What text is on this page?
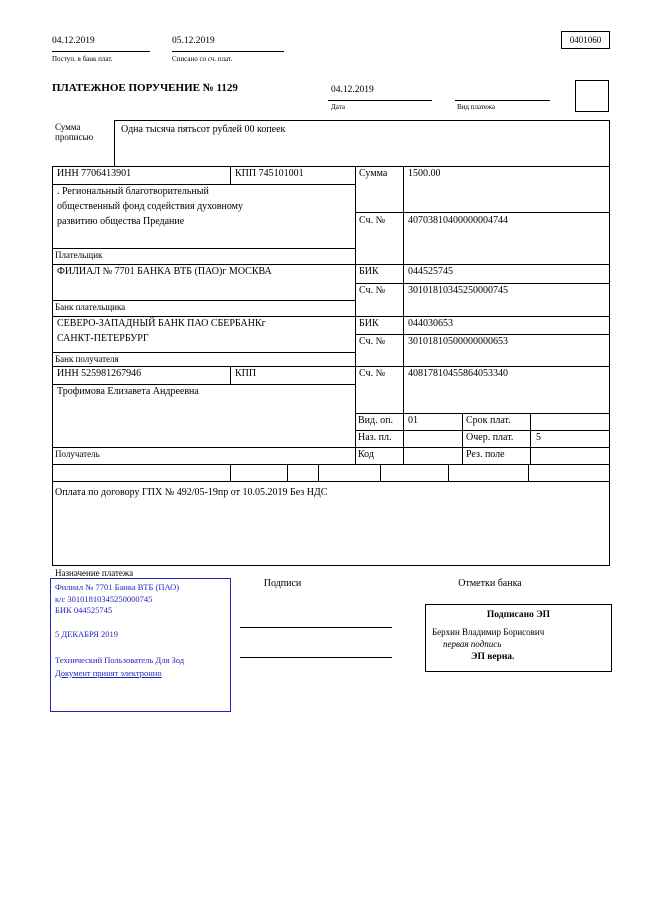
04.12.2019
Поступ. в банк плат.
05.12.2019
Списано со сч. плат.
0401060
ПЛАТЕЖНОЕ ПОРУЧЕНИЕ № 1129	04.12.2019
Дата	Вид платежа
Сумма прописью
Одна тысяча пятьсот рублей 00 копеек
ИНН 7706413901	КПП 745101001	Сумма 1500.00
. Региональный благотворительный
общественный фонд содействия духовному
развитию общества Предание	Сч. № 40703810400000004744
Плательщик
ФИЛИАЛ № 7701 БАНКА ВТБ (ПАО)г МОСКВА	БИК	044525745
Сч. № 30101810345250000745
Банк плательщика
СЕВЕРО-ЗАПАДНЫЙ БАНК ПАО СБЕРБАНКг
САНКТ-ПЕТЕРБУРГ
БИК	044030653
Сч. № 30101810500000000653
Банк получателя
ИНН 525981267946	КПП	Сч. № 40817810455864053340
Трофимова Елизавета Андреевна
Получатель
Вид. оп. 01	Срок плат.
Наз. пл.	Очер. плат. 5
Код	Рез. поле
Оплата по договору ГПХ № 492/05-19пр от 10.05.2019 Без НДС
Назначение платежа
Филиал № 7701 Банка ВТБ (ПАО)
к/с 30101810345250000745
БИК 044525745
5 ДЕКАБРЯ 2019
Технический Пользователь Для Зод
Документ принят электронно
Подписи	Отметки банка
Подписано ЭП
Берхин Владимир Борисович
первая подпись
ЭП верна.
